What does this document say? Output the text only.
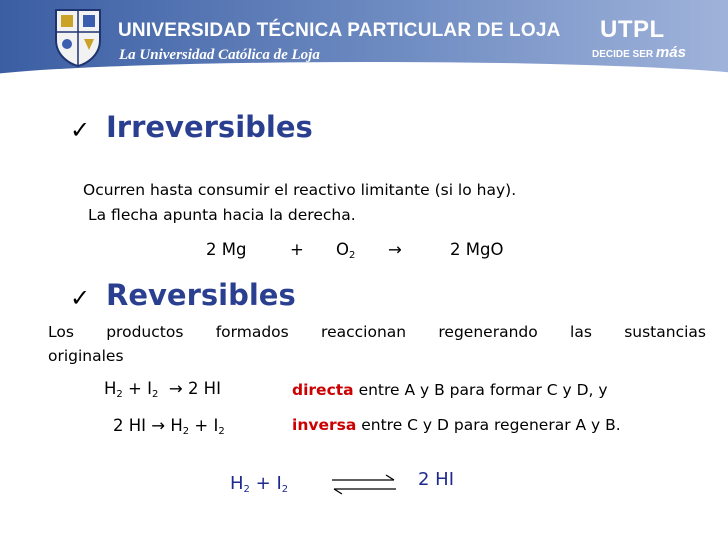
UNIVERSIDAD TÉCNICA PARTICULAR DE LOJA
La Universidad Católica de Loja
UTPL
DECIDE SER más
✓ Irreversibles
Ocurren hasta consumir el reactivo limitante (si lo hay).
La flecha apunta hacia la derecha.
2 Mg	+ $O_2$ →	2 MgO
✓ Reversibles
Los productos formados reaccionan regenerando las sustancias
originales
$H_2 + I_2 \to 2$ HI	directa entre A y B para formar C y D, y
2 HI → $H_2 + I_2$	inversa entre C y D para regenerar A y B.
$H_2 + I_2$	2 HI
